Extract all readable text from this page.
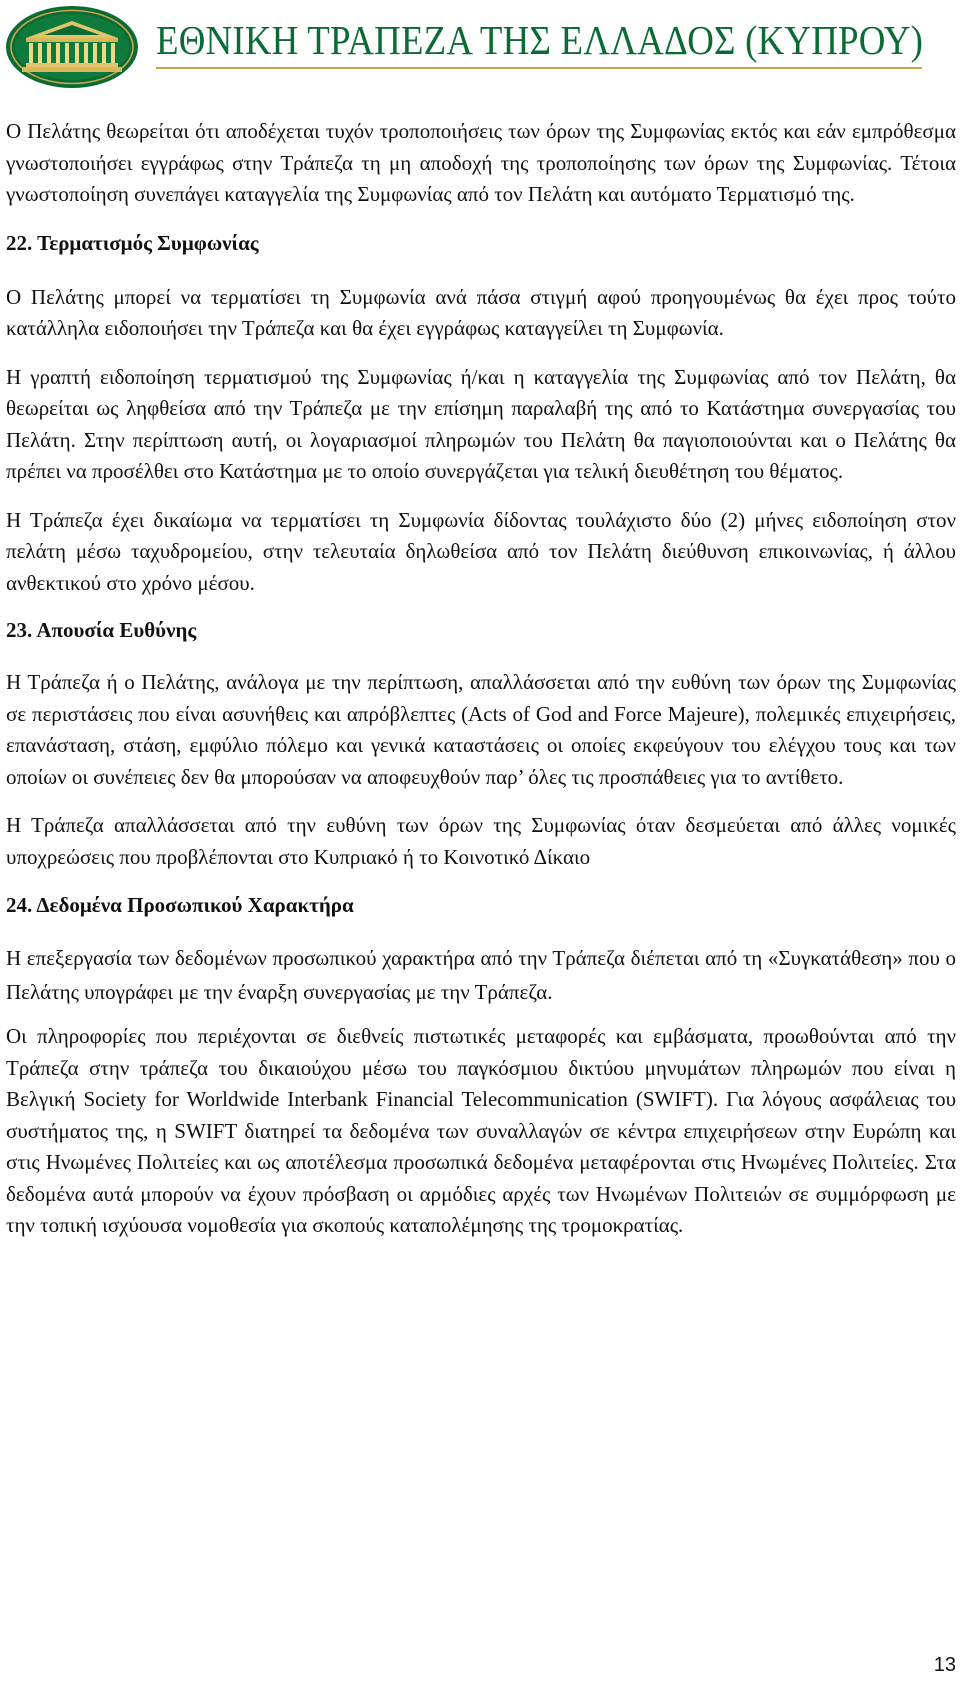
ΕΘΝΙΚΗ ΤΡΑΠΕΖΑ ΤΗΣ ΕΛΛΑΔΟΣ (ΚΥΠΡΟΥ)

Ο Πελάτης θεωρείται ότι αποδέχεται τυχόν τροποποιήσεις των όρων της Συμφωνίας εκτός και εάν εμπρόθεσμα γνωστοποιήσει εγγράφως στην Τράπεζα τη μη αποδοχή της τροποποίησης των όρων της Συμφωνίας. Τέτοια γνωστοποίηση συνεπάγει καταγγελία της Συμφωνίας από τον Πελάτη και αυτόματο Τερματισμό της.

22. Τερματισμός Συμφωνίας

Ο Πελάτης μπορεί να τερματίσει τη Συμφωνία ανά πάσα στιγμή αφού προηγουμένως θα έχει προς τούτο κατάλληλα ειδοποιήσει την Τράπεζα και θα έχει εγγράφως καταγγείλει τη Συμφωνία.

Η γραπτή ειδοποίηση τερματισμού της Συμφωνίας ή/και η καταγγελία της Συμφωνίας από τον Πελάτη, θα θεωρείται ως ληφθείσα από την Τράπεζα με την επίσημη παραλαβή της από το Κατάστημα συνεργασίας του Πελάτη. Στην περίπτωση αυτή, οι λογαριασμοί πληρωμών του Πελάτη θα παγιοποιούνται και ο Πελάτης θα πρέπει να προσέλθει στο Κατάστημα με το οποίο συνεργάζεται για τελική διευθέτηση του θέματος.

Η Τράπεζα έχει δικαίωμα να τερματίσει τη Συμφωνία δίδοντας τουλάχιστο δύο (2) μήνες ειδοποίηση στον πελάτη μέσω ταχυδρομείου, στην τελευταία δηλωθείσα από τον Πελάτη διεύθυνση επικοινωνίας, ή άλλου ανθεκτικού στο χρόνο μέσου.

23. Απουσία Ευθύνης

Η Τράπεζα ή ο Πελάτης, ανάλογα με την περίπτωση, απαλλάσσεται από την ευθύνη των όρων της Συμφωνίας σε περιστάσεις που είναι ασυνήθεις και απρόβλεπτες (Acts of God and Force Majeure), πολεμικές επιχειρήσεις, επανάσταση, στάση, εμφύλιο πόλεμο και γενικά καταστάσεις οι οποίες εκφεύγουν του ελέγχου τους και των οποίων οι συνέπειες δεν θα μπορούσαν να αποφευχθούν παρ’ όλες τις προσπάθειες για το αντίθετο.

Η Τράπεζα απαλλάσσεται από την ευθύνη των όρων της Συμφωνίας όταν δεσμεύεται από άλλες νομικές υποχρεώσεις που προβλέπονται στο Κυπριακό ή το Κοινοτικό Δίκαιο

24. Δεδομένα Προσωπικού Χαρακτήρα

Η επεξεργασία των δεδομένων προσωπικού χαρακτήρα από την Τράπεζα διέπεται από τη «Συγκατάθεση» που ο Πελάτης υπογράφει με την έναρξη συνεργασίας με την Τράπεζα.

Οι πληροφορίες που περιέχονται σε διεθνείς πιστωτικές μεταφορές και εμβάσματα, προωθούνται από την Τράπεζα στην τράπεζα του δικαιούχου μέσω του παγκόσμιου δικτύου μηνυμάτων πληρωμών που είναι η Βελγική Society for Worldwide Interbank Financial Telecommunication (SWIFT). Για λόγους ασφάλειας του συστήματος της, η SWIFT διατηρεί τα δεδομένα των συναλλαγών σε κέντρα επιχειρήσεων στην Ευρώπη και στις Ηνωμένες Πολιτείες και ως αποτέλεσμα προσωπικά δεδομένα μεταφέρονται στις Ηνωμένες Πολιτείες. Στα δεδομένα αυτά μπορούν να έχουν πρόσβαση οι αρμόδιες αρχές των Ηνωμένων Πολιτειών σε συμμόρφωση με την τοπική ισχύουσα νομοθεσία για σκοπούς καταπολέμησης της τρομοκρατίας.

13
